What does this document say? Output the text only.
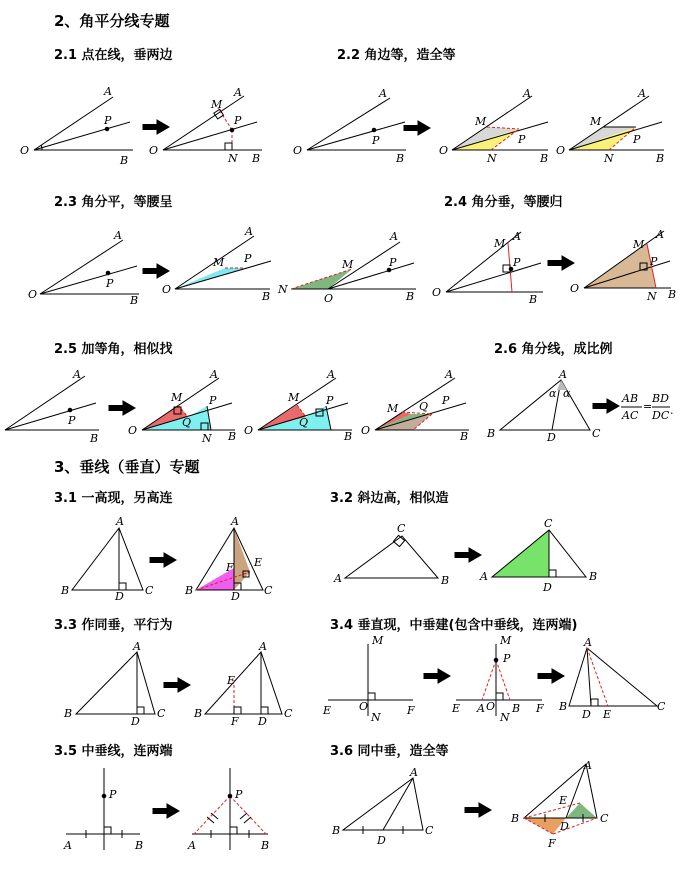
2、角平分线专题
2.1 点在线，垂两边	2.2 角边等，造全等
2.3 角分平，等腰呈	2.4 角分垂，等腰归
2.5 加等角，相似找	2.6 角分线，成比例
3、垂线（垂直）专题
3.1 一高现，另高连	3.2 斜边高，相似造
3.3 作同垂，平行为	3.4 垂直现，中垂建(包含中垂线，连两端)
3.5 中垂线，连两端	3.6 同中垂，造全等
O
A
P
B
O
A
M
P
N B
O
A
P
B
O
M
A
P
N	B
O
M
A
P
N	B
O
A
P
B
O
A
M P
B
N
O
M
A
P
B O
A
M
P
B
O
A
M
P
N B
A
P
B
O
A
M
Q
P
N B O
A
M
Q
P
B O
A
M Q P
B
A
α α
B	D	C
AB
AC
=
BD
DC .
A
B	C
D
A
B	C
D
E
F
C
A	B
C
A	B
D
A
B	C
D
A
B	C
D
E
F
M
E	O
N
F
M
P
E A O B
N
F
A
B
D E
C
P
A	B
P
A	B
A
B	C
D
A
B	C
E
D
F
